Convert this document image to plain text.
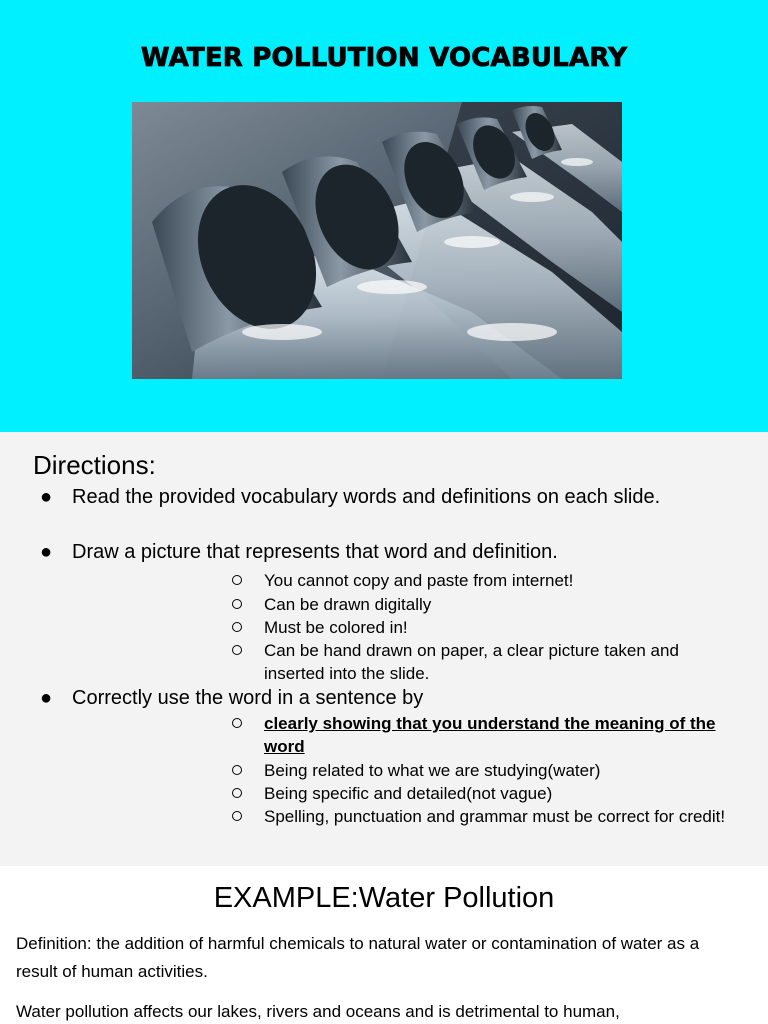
WATER POLLUTION VOCABULARY
Directions:
● Read the provided vocabulary words and definitions on each slide.
● Draw a picture that represents that word and definition.
You cannot copy and paste from internet!
Can be drawn digitally
Must be colored in!
Can be hand drawn on paper, a clear picture taken and inserted into the slide.
● Correctly use the word in a sentence by
clearly showing that you understand the meaning of the word
Being related to what we are studying(water)
Being specific and detailed(not vague)
Spelling, punctuation and grammar must be correct for credit!
EXAMPLE:Water Pollution

Definition: the addition of harmful chemicals to natural water or contamination of water as a result of human activities.

Water pollution affects our lakes, rivers and oceans and is detrimental to human,
